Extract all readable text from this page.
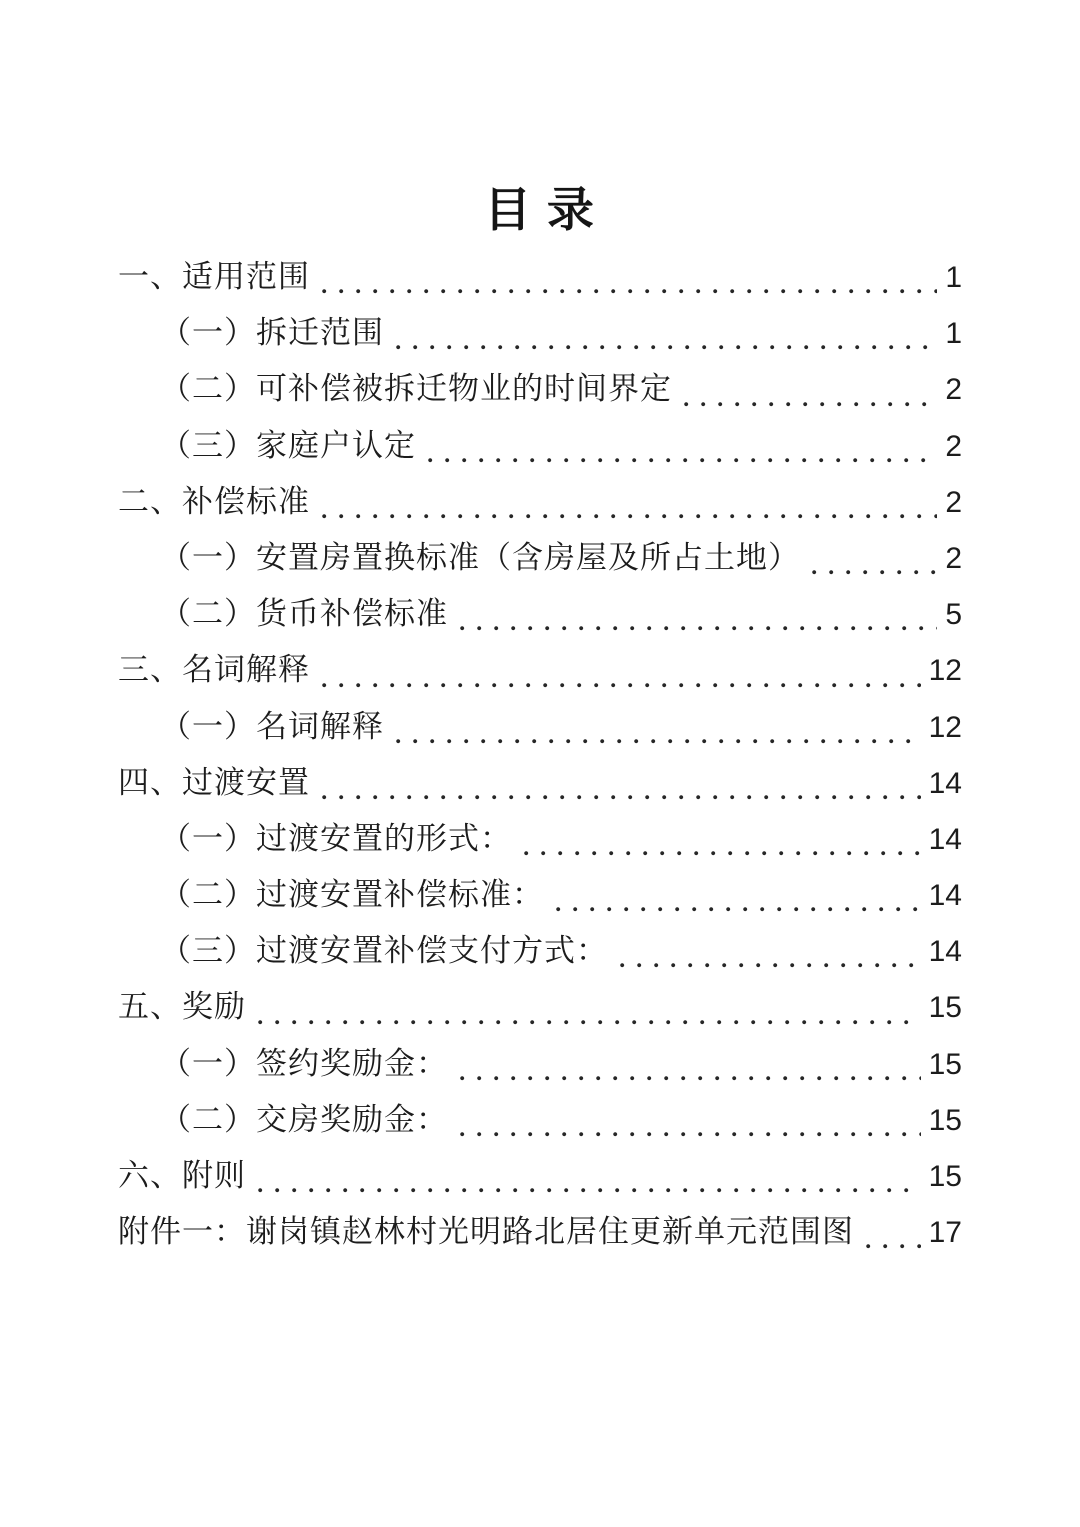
目 录
一、适用范围	1
（一）拆迁范围	1
（二）可补偿被拆迁物业的时间界定	2
（三）家庭户认定	2
二、补偿标准	2
（一）安置房置换标准（含房屋及所占土地）	2
（二）货币补偿标准	5
三、名词解释	12
（一）名词解释	12
四、过渡安置	14
（一）过渡安置的形式：	14
（二）过渡安置补偿标准：	14
（三）过渡安置补偿支付方式：	14
五、奖励	15
（一）签约奖励金：	15
（二）交房奖励金：	15
六、附则	15
附件一：谢岗镇赵林村光明路北居住更新单元范围图 17
